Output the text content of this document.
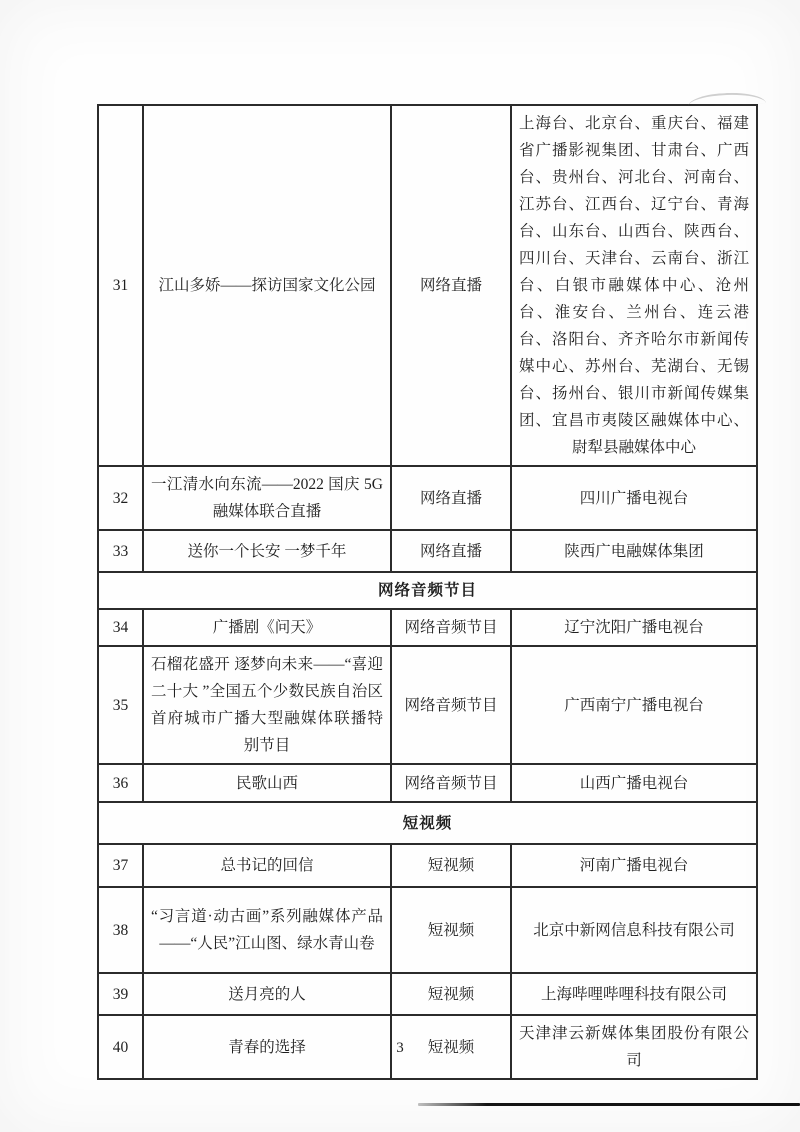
31	江山多娇——探访国家文化公园	网络直播	上海台、北京台、重庆台、福建省广播影视集团、甘肃台、广西台、贵州台、河北台、河南台、江苏台、江西台、辽宁台、青海台、山东台、山西台、陕西台、四川台、天津台、云南台、浙江台、白银市融媒体中心、沧州台、淮安台、兰州台、连云港台、洛阳台、齐齐哈尔市新闻传媒中心、苏州台、芜湖台、无锡台、扬州台、银川市新闻传媒集团、宜昌市夷陵区融媒体中心、尉犁县融媒体中心
32	一江清水向东流——2022 国庆 5G 融媒体联合直播	网络直播	四川广播电视台
33	送你一个长安 一梦千年	网络直播	陕西广电融媒体集团
网络音频节目			
34	广播剧《问天》	网络音频节目	辽宁沈阳广播电视台
35	石榴花盛开 逐梦向未来——“喜迎二十大 ”全国五个少数民族自治区首府城市广播大型融媒体联播特别节目	网络音频节目	广西南宁广播电视台
36	民歌山西	网络音频节目	山西广播电视台
短视频			
37	总书记的回信	短视频	河南广播电视台
38	“习言道·动古画”系列融媒体产品——“人民”江山图、绿水青山卷	短视频	北京中新网信息科技有限公司
39	送月亮的人	短视频	上海哔哩哔哩科技有限公司
40	青春的选择	短视频	天津津云新媒体集团股份有限公司
3
